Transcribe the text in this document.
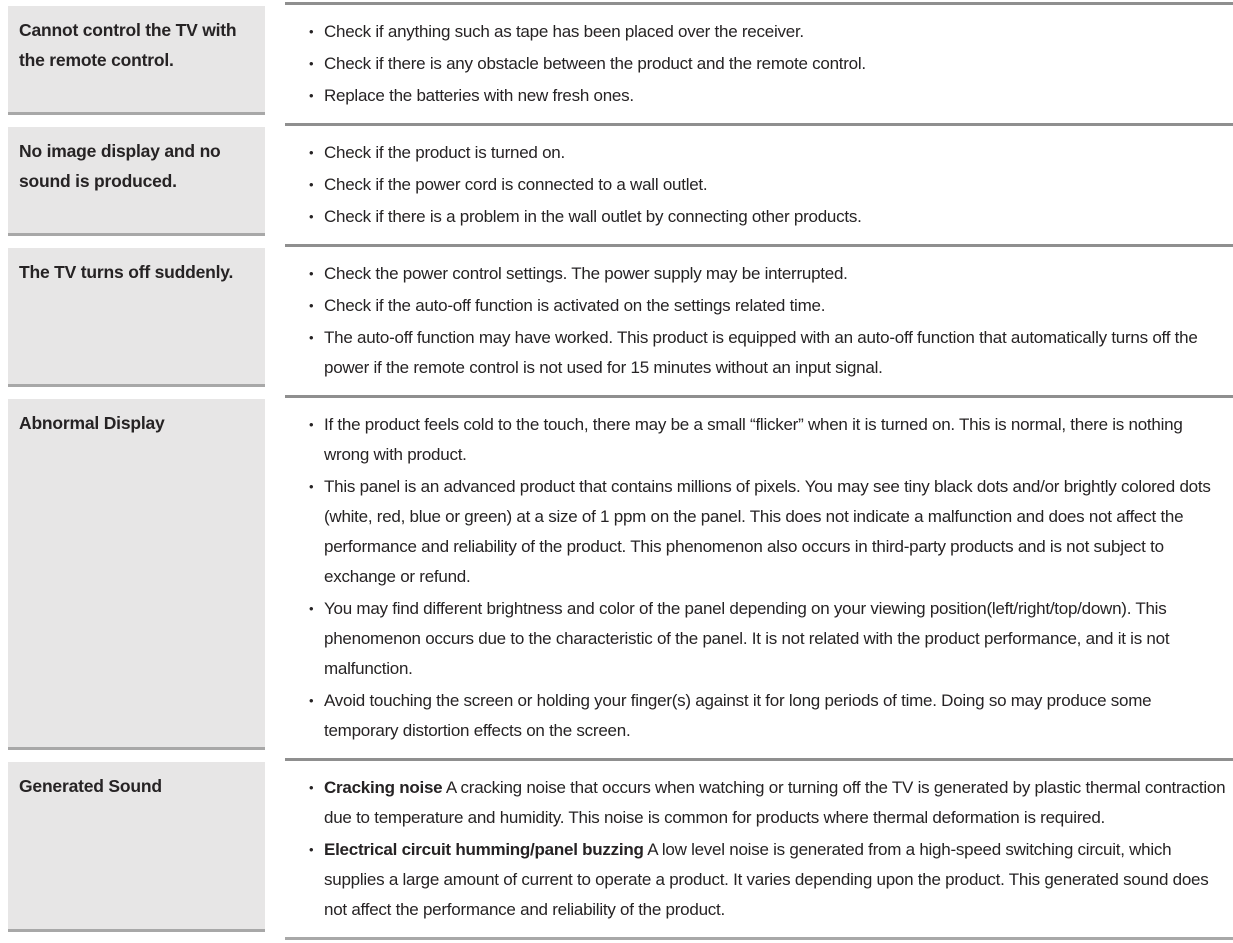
Cannot control the TV with the remote control.
• Check if anything such as tape has been placed over the receiver.
• Check if there is any obstacle between the product and the remote control.
• Replace the batteries with new fresh ones.
No image display and no sound is produced.
• Check if the product is turned on.
• Check if the power cord is connected to a wall outlet.
• Check if there is a problem in the wall outlet by connecting other products.
The TV turns off suddenly.	• Check the power control settings. The power supply may be interrupted.
• Check if the auto-off function is activated on the settings related time.
• The auto-off function may have worked. This product is equipped with an auto-off function that automatically turns off the power if the remote control is not used for 15 minutes without an input signal.
Abnormal Display	• If the product feels cold to the touch, there may be a small “flicker” when it is turned on. This is normal, there is nothing wrong with product.
• This panel is an advanced product that contains millions of pixels. You may see tiny black dots and/or brightly colored dots (white, red, blue or green) at a size of 1 ppm on the panel. This does not indicate a malfunction and does not affect the performance and reliability of the product. This phenomenon also occurs in third-party products and is not subject to exchange or refund.
• You may find different brightness and color of the panel depending on your viewing position(left/right/top/down). This phenomenon occurs due to the characteristic of the panel. It is not related with the product performance, and it is not malfunction.
• Avoid touching the screen or holding your finger(s) against it for long periods of time. Doing so may produce some temporary distortion effects on the screen.
Generated Sound	• Cracking noise A cracking noise that occurs when watching or turning off the TV is generated by plastic thermal contraction due to temperature and humidity. This noise is common for products where thermal deformation is required.
• Electrical circuit humming/panel buzzing A low level noise is generated from a high-speed switching circuit, which supplies a large amount of current to operate a product. It varies depending upon the product. This generated sound does not affect the performance and reliability of the product.
